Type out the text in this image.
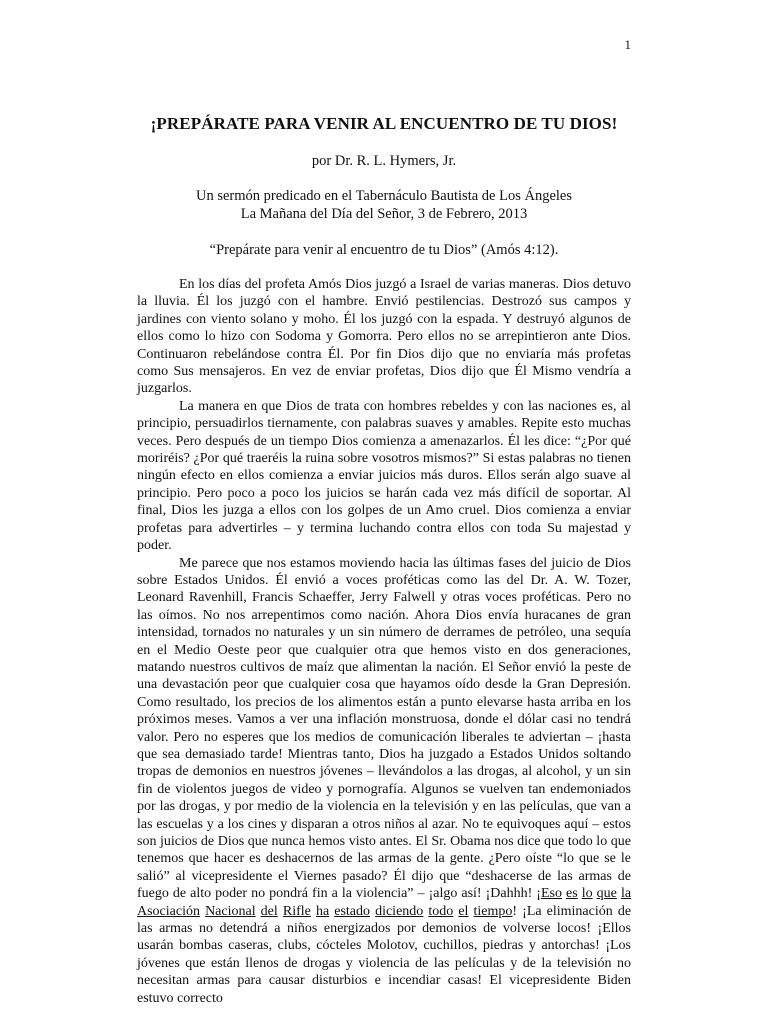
1
¡PREPÁRATE PARA VENIR AL ENCUENTRO DE TU DIOS!
por Dr. R. L. Hymers, Jr.
Un sermón predicado en el Tabernáculo Bautista de Los Ángeles
La Mañana del Día del Señor, 3 de Febrero, 2013
“Prepárate para venir al encuentro de tu Dios” (Amós 4:12).

En los días del profeta Amós Dios juzgó a Israel de varias maneras. Dios detuvo la lluvia. Él los juzgó con el hambre. Envió pestilencias. Destrozó sus campos y jardines con viento solano y moho. Él los juzgó con la espada. Y destruyó algunos de ellos como lo hizo con Sodoma y Gomorra. Pero ellos no se arrepintieron ante Dios. Continuaron rebelándose contra Él. Por fin Dios dijo que no enviaría más profetas como Sus mensajeros. En vez de enviar profetas, Dios dijo que Él Mismo vendría a juzgarlos.

La manera en que Dios de trata con hombres rebeldes y con las naciones es, al principio, persuadirlos tiernamente, con palabras suaves y amables. Repite esto muchas veces. Pero después de un tiempo Dios comienza a amenazarlos. Él les dice: “¿Por qué moriréis? ¿Por qué traeréis la ruina sobre vosotros mismos?” Si estas palabras no tienen ningún efecto en ellos comienza a enviar juicios más duros. Ellos serán algo suave al principio. Pero poco a poco los juicios se harán cada vez más difícil de soportar. Al final, Dios les juzga a ellos con los golpes de un Amo cruel. Dios comienza a enviar profetas para advertirles – y termina luchando contra ellos con toda Su majestad y poder.

Me parece que nos estamos moviendo hacia las últimas fases del juicio de Dios sobre Estados Unidos. Él envió a voces proféticas como las del Dr. A. W. Tozer, Leonard Ravenhill, Francis Schaeffer, Jerry Falwell y otras voces proféticas. Pero no las oímos. No nos arrepentimos como nación. Ahora Dios envía huracanes de gran intensidad, tornados no naturales y un sin número de derrames de petróleo, una sequía en el Medio Oeste peor que cualquier otra que hemos visto en dos generaciones, matando nuestros cultivos de maíz que alimentan la nación. El Señor envió la peste de una devastación peor que cualquier cosa que hayamos oído desde la Gran Depresión. Como resultado, los precios de los alimentos están a punto elevarse hasta arriba en los próximos meses. Vamos a ver una inflación monstruosa, donde el dólar casi no tendrá valor. Pero no esperes que los medios de comunicación liberales te adviertan – ¡hasta que sea demasiado tarde! Mientras tanto, Dios ha juzgado a Estados Unidos soltando tropas de demonios en nuestros jóvenes – llevándolos a las drogas, al alcohol, y un sin fin de violentos juegos de video y pornografía. Algunos se vuelven tan endemoniados por las drogas, y por medio de la violencia en la televisión y en las películas, que van a las escuelas y a los cines y disparan a otros niños al azar. No te equivoques aquí – estos son juicios de Dios que nunca hemos visto antes. El Sr. Obama nos dice que todo lo que tenemos que hacer es deshacernos de las armas de la gente. ¿Pero oíste “lo que se le salió” al vicepresidente el Viernes pasado? Él dijo que “deshacerse de las armas de fuego de alto poder no pondrá fin a la violencia” – ¡algo así! ¡Dahhh! ¡Eso es lo que la Asociación Nacional del Rifle ha estado diciendo todo el tiempo! ¡La eliminación de las armas no detendrá a niños energizados por demonios de volverse locos! ¡Ellos usarán bombas caseras, clubs, cócteles Molotov, cuchillos, piedras y antorchas! ¡Los jóvenes que están llenos de drogas y violencia de las películas y de la televisión no necesitan armas para causar disturbios e incendiar casas! El vicepresidente Biden estuvo correcto
